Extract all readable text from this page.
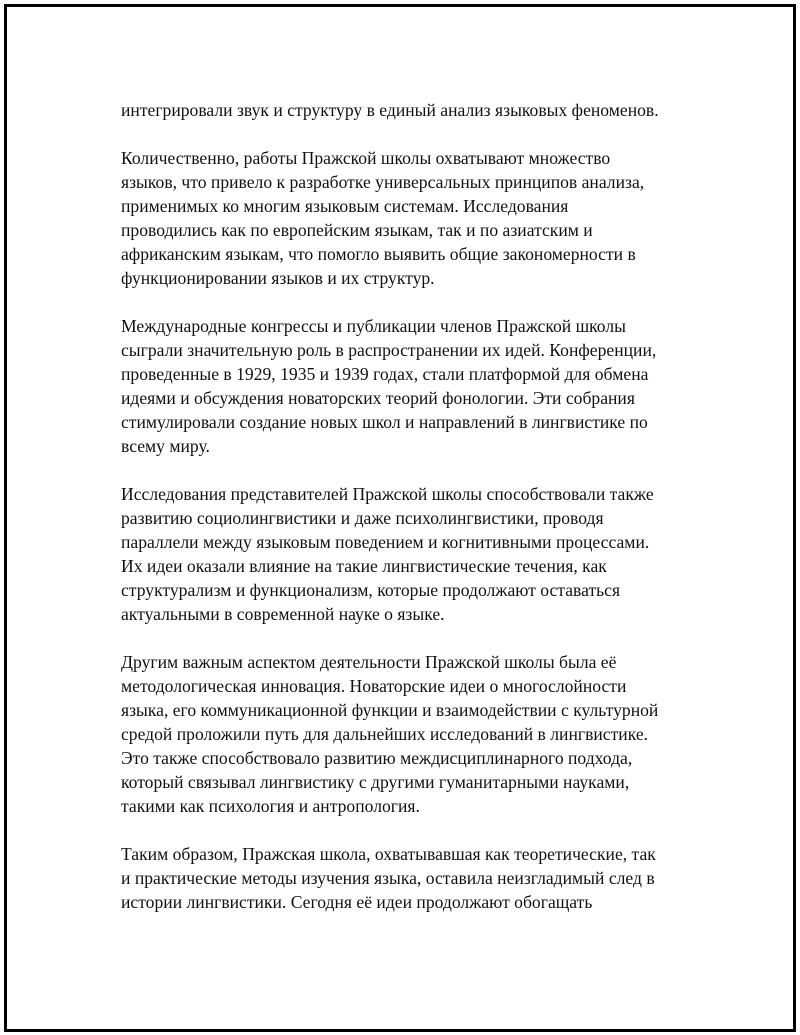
интегрировали звук и структуру в единый анализ языковых феноменов.

Количественно, работы Пражской школы охватывают множество
языков, что привело к разработке универсальных принципов анализа,
применимых ко многим языковым системам. Исследования
проводились как по европейским языкам, так и по азиатским и
африканским языкам, что помогло выявить общие закономерности в
функционировании языков и их структур.

Международные конгрессы и публикации членов Пражской школы
сыграли значительную роль в распространении их идей. Конференции,
проведенные в 1929, 1935 и 1939 годах, стали платформой для обмена
идеями и обсуждения новаторских теорий фонологии. Эти собрания
стимулировали создание новых школ и направлений в лингвистике по
всему миру.

Исследования представителей Пражской школы способствовали также
развитию социолингвистики и даже психолингвистики, проводя
параллели между языковым поведением и когнитивными процессами.
Их идеи оказали влияние на такие лингвистические течения, как
структурализм и функционализм, которые продолжают оставаться
актуальными в современной науке о языке.

Другим важным аспектом деятельности Пражской школы была её
методологическая инновация. Новаторские идеи о многослойности
языка, его коммуникационной функции и взаимодействии с культурной
средой проложили путь для дальнейших исследований в лингвистике.
Это также способствовало развитию междисциплинарного подхода,
который связывал лингвистику с другими гуманитарными науками,
такими как психология и антропология.

Таким образом, Пражская школа, охватывавшая как теоретические, так
и практические методы изучения языка, оставила неизгладимый след в
истории лингвистики. Сегодня её идеи продолжают обогащать
